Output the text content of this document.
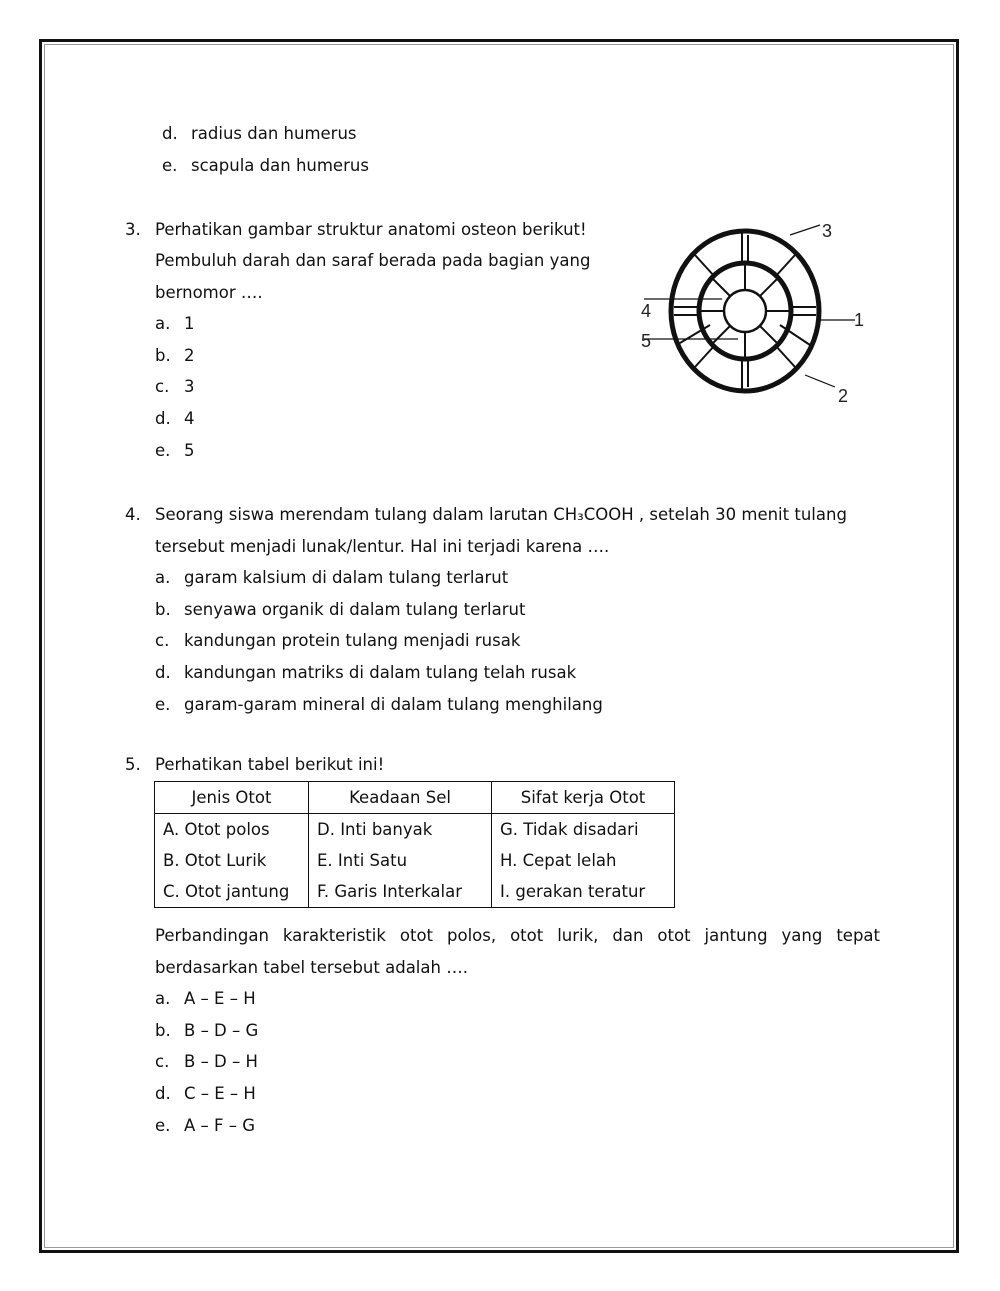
d. radius dan humerus
e. scapula dan humerus
3. Perhatikan gambar struktur anatomi osteon berikut!
Pembuluh darah dan saraf berada pada bagian yang
bernomor ….
a. 1
b. 2
c. 3
d. 4
e. 5
1
2
3
4
5
4. Seorang siswa merendam tulang dalam larutan CH₃COOH , setelah 30 menit tulang
tersebut menjadi lunak/lentur. Hal ini terjadi karena ….
a. garam kalsium di dalam tulang terlarut
b. senyawa organik di dalam tulang terlarut
c. kandungan protein tulang menjadi rusak
d. kandungan matriks di dalam tulang telah rusak
e. garam-garam mineral di dalam tulang menghilang
5. Perhatikan tabel berikut ini!
Jenis Otot	Keadaan Sel	Sifat kerja Otot
A. Otot polos	D. Inti banyak	G. Tidak disadari
B. Otot Lurik	E. Inti Satu	H. Cepat lelah
C. Otot jantung	F. Garis Interkalar	I. gerakan teratur
Perbandingan karakteristik otot polos, otot lurik, dan otot jantung yang tepat
berdasarkan tabel tersebut adalah ….
a. A – E – H
b. B – D – G
c. B – D – H
d. C – E – H
e. A – F – G
